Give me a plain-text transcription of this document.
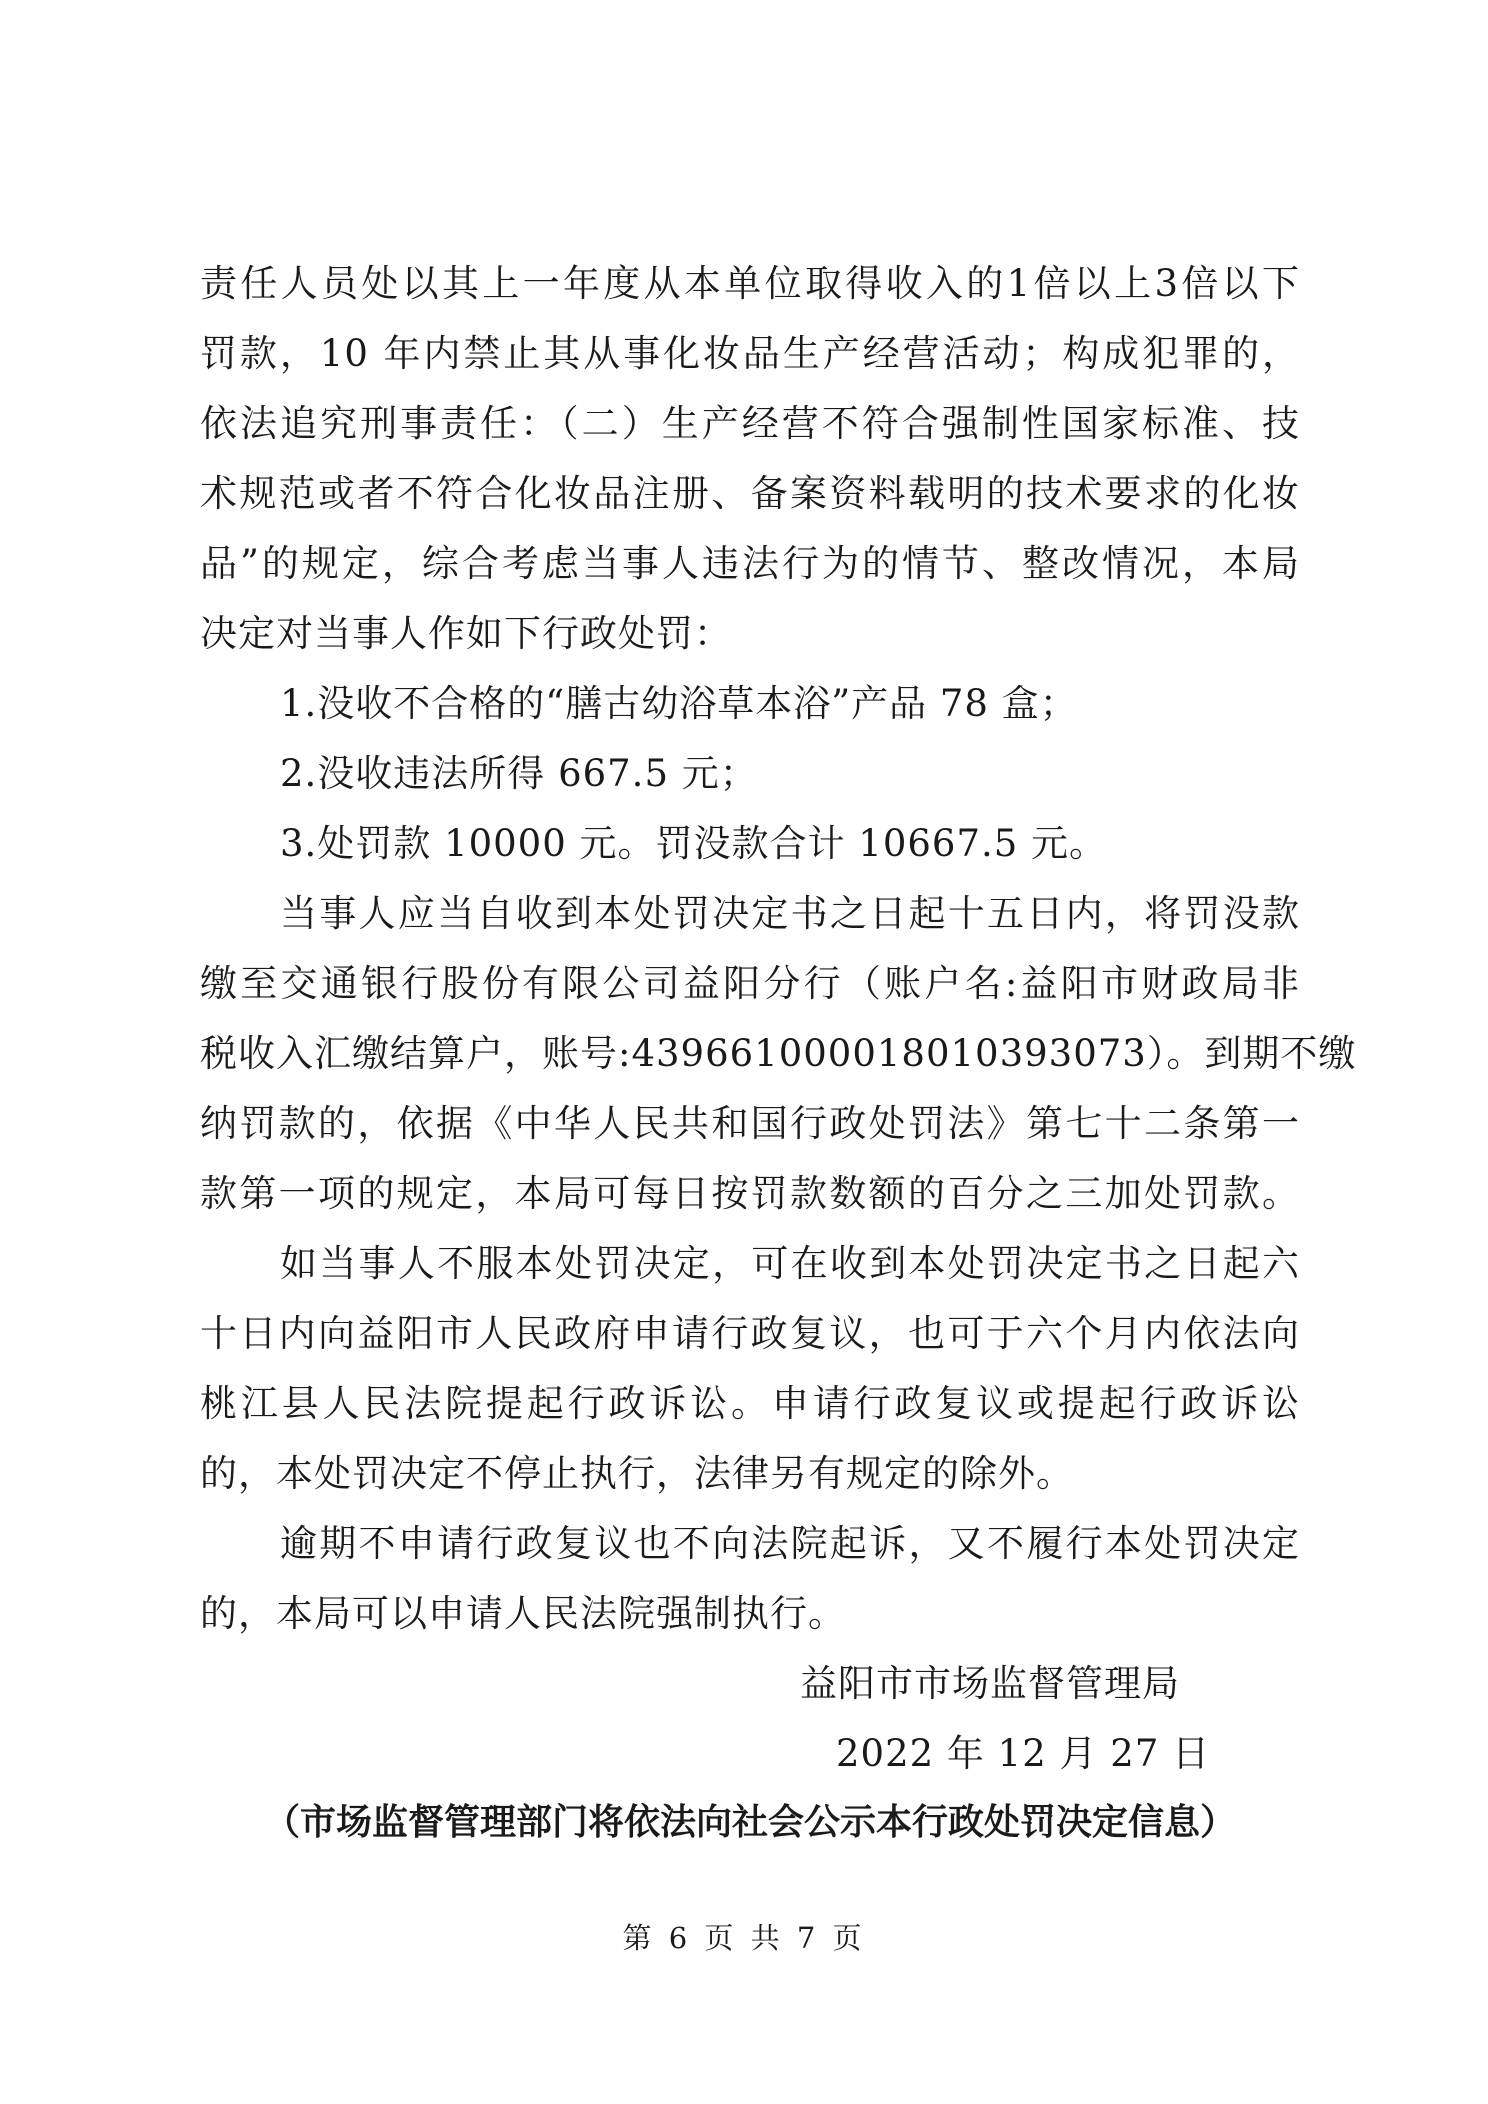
责任人员处以其上一年度从本单位取得收入的1倍以上3倍以下
罚款，10 年内禁止其从事化妆品生产经营活动；构成犯罪的，
依法追究刑事责任：（二）生产经营不符合强制性国家标准、技
术规范或者不符合化妆品注册、备案资料载明的技术要求的化妆
品”的规定，综合考虑当事人违法行为的情节、整改情况，本局
决定对当事人作如下行政处罚：
1.没收不合格的“膳古幼浴草本浴”产品 78 盒；
2.没收违法所得 667.5 元；
3.处罚款 10000 元。罚没款合计 10667.5 元。
当事人应当自收到本处罚决定书之日起十五日内，将罚没款
缴至交通银行股份有限公司益阳分行（账户名:益阳市财政局非
税收入汇缴结算户，账号:439661000018010393073）。到期不缴
纳罚款的，依据《中华人民共和国行政处罚法》第七十二条第一
款第一项的规定，本局可每日按罚款数额的百分之三加处罚款。
如当事人不服本处罚决定，可在收到本处罚决定书之日起六
十日内向益阳市人民政府申请行政复议，也可于六个月内依法向
桃江县人民法院提起行政诉讼。申请行政复议或提起行政诉讼
的，本处罚决定不停止执行，法律另有规定的除外。
逾期不申请行政复议也不向法院起诉，又不履行本处罚决定
的，本局可以申请人民法院强制执行。
益阳市市场监督管理局
2022 年 12 月 27 日
（市场监督管理部门将依法向社会公示本行政处罚决定信息）
第 6 页 共 7 页
